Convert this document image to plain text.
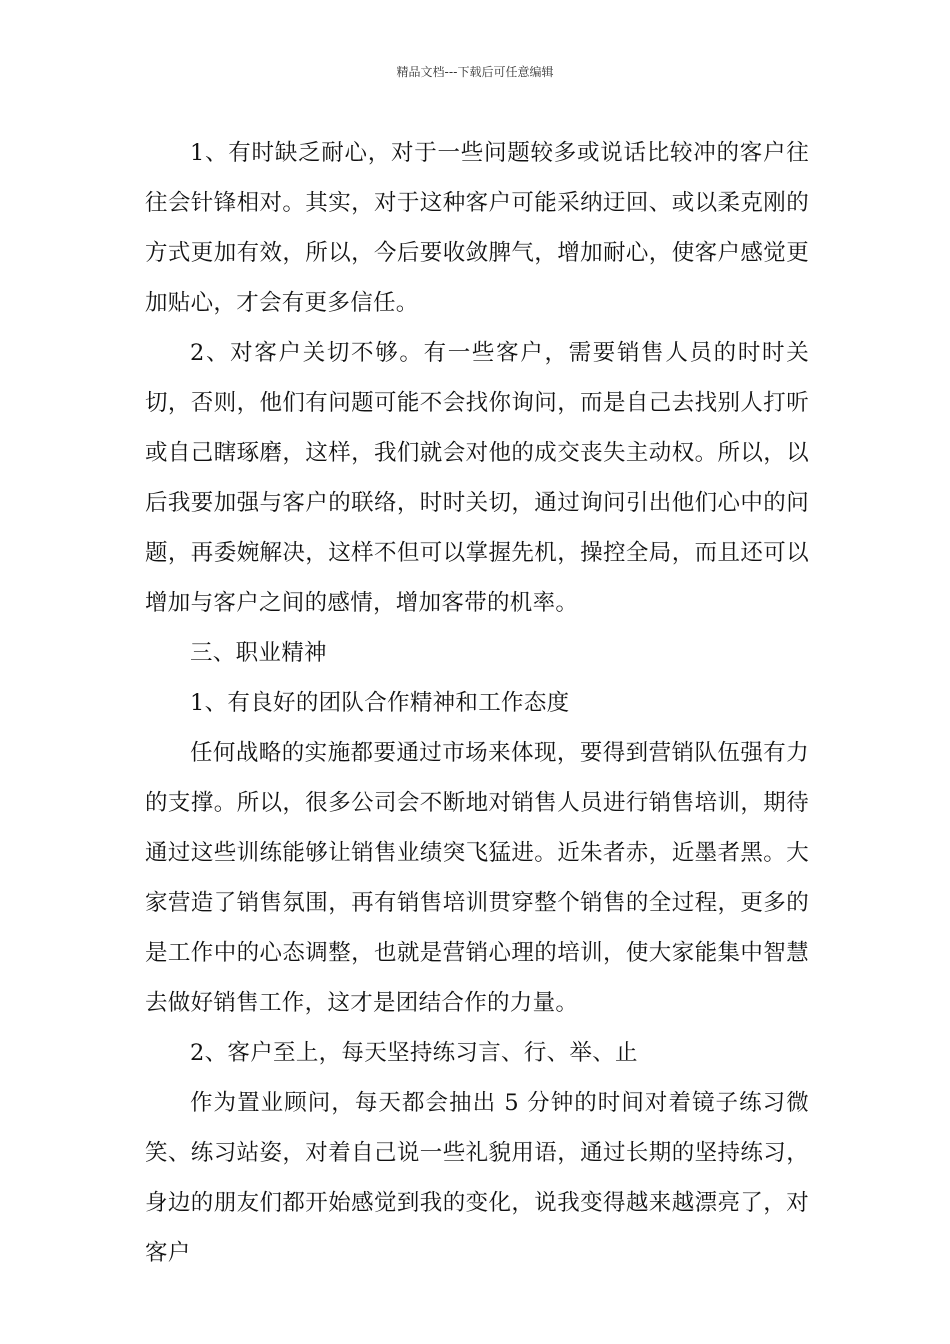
精品文档---下载后可任意编辑

1、有时缺乏耐心，对于一些问题较多或说话比较冲的客户往往会针锋相对。其实，对于这种客户可能采纳迂回、或以柔克刚的方式更加有效，所以，今后要收敛脾气，增加耐心，使客户感觉更加贴心，才会有更多信任。

2、对客户关切不够。有一些客户，需要销售人员的时时关切，否则，他们有问题可能不会找你询问，而是自己去找别人打听或自己瞎琢磨，这样，我们就会对他的成交丧失主动权。所以，以后我要加强与客户的联络，时时关切，通过询问引出他们心中的问题，再委婉解决，这样不但可以掌握先机，操控全局，而且还可以增加与客户之间的感情，增加客带的机率。

三、职业精神

1、有良好的团队合作精神和工作态度

任何战略的实施都要通过市场来体现，要得到营销队伍强有力的支撑。所以，很多公司会不断地对销售人员进行销售培训，期待通过这些训练能够让销售业绩突飞猛进。近朱者赤，近墨者黑。大家营造了销售氛围，再有销售培训贯穿整个销售的全过程，更多的是工作中的心态调整，也就是营销心理的培训，使大家能集中智慧去做好销售工作，这才是团结合作的力量。

2、客户至上，每天坚持练习言、行、举、止

作为置业顾问，每天都会抽出 5 分钟的时间对着镜子练习微笑、练习站姿，对着自己说一些礼貌用语，通过长期的坚持练习，身边的朋友们都开始感觉到我的变化，说我变得越来越漂亮了，对客户
